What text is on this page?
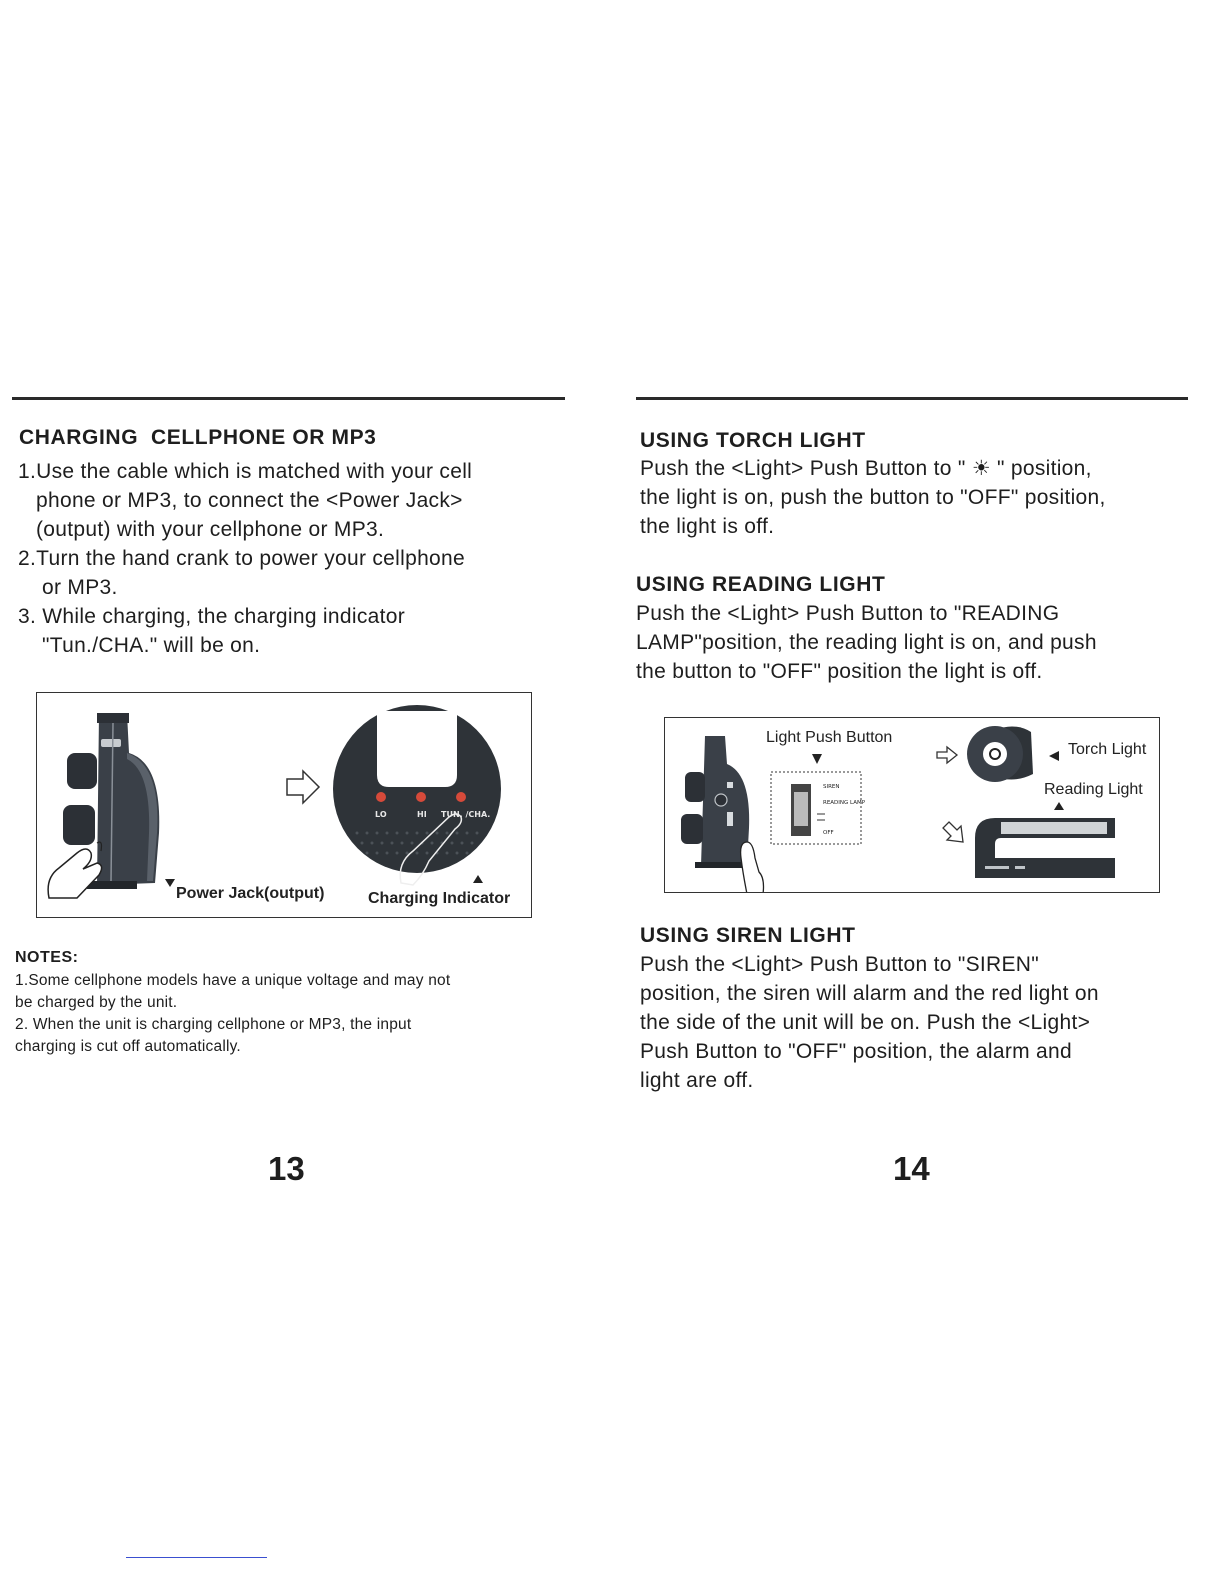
CHARGING  CELLPHONE OR MP3

1.Use the cable which is matched with your cell

phone or MP3, to connect the <Power Jack>

(output) with your cellphone or MP3.

2.Turn the hand crank to power your cellphone

or MP3.

3. While charging, the charging indicator

"Tun./CHA." will be on.

LO	HI TUN. /CHA.
Power Jack(output)	Charging Indicator
NOTES:

1.Some cellphone models have a unique voltage and may not

be charged by the unit.

2. When the unit is charging cellphone or MP3, the input

charging is cut off automatically.

13
USING TORCH LIGHT

Push the <Light> Push Button to " ☀ " position,

the light is on, push the button to "OFF" position,

the light is off.

USING READING LIGHT

Push the <Light> Push Button to "READING

LAMP"position, the reading light is on, and push

the button to "OFF" position the light is off.

SIREN
READING LAMP
OFF
Light Push Button
Torch Light
Reading Light
USING SIREN LIGHT

Push the <Light> Push Button to "SIREN"

position, the siren will alarm and the red light on

the side of the unit will be on. Push the <Light>

Push Button to "OFF" position, the alarm and

light are off.

14
